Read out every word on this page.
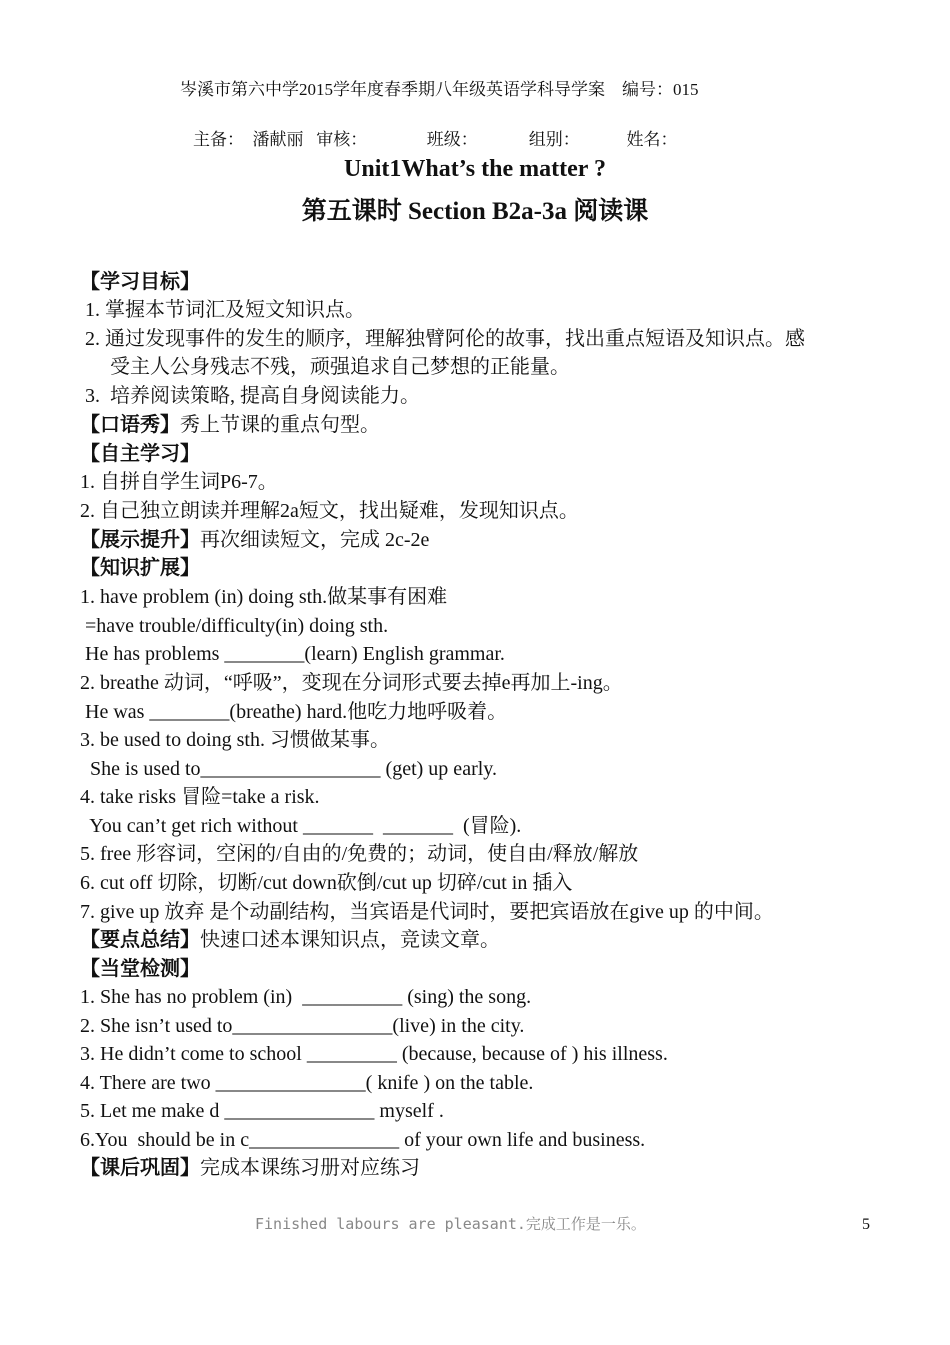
岑溪市第六中学2015学年度春季期八年级英语学科导学案    编号：015
主备：  潘献丽   审核：              班级：            组别：           姓名：
Unit1What’s the matter ?
第五课时 Section B2a-3a 阅读课
【学习目标】
1. 掌握本节词汇及短文知识点。
2. 通过发现事件的发生的顺序，理解独臂阿伦的故事，找出重点短语及知识点。感
受主人公身残志不残，顽强追求自己梦想的正能量。
3.  培养阅读策略, 提高自身阅读能力。
【口语秀】秀上节课的重点句型。
【自主学习】
1. 自拼自学生词P6-7。
2. 自己独立朗读并理解2a短文，找出疑难，发现知识点。
【展示提升】再次细读短文，完成 2c-2e
【知识扩展】
1. have problem (in) doing sth.做某事有困难
=have trouble/difficulty(in) doing sth.
He has problems ________(learn) English grammar.
2. breathe 动词，“呼吸”，变现在分词形式要去掉e再加上-ing。
He was ________(breathe) hard.他吃力地呼吸着。
3. be used to doing sth. 习惯做某事。
She is used to__________________ (get) up early.
4. take risks 冒险=take a risk.
You can’t get rich without _______  _______  (冒险).
5. free 形容词，空闲的/自由的/免费的；动词，使自由/释放/解放
6. cut off 切除，切断/cut down砍倒/cut up 切碎/cut in 插入
7. give up 放弃 是个动副结构，当宾语是代词时，要把宾语放在give up 的中间。
【要点总结】快速口述本课知识点，竞读文章。
【当堂检测】
1. She has no problem (in)  __________ (sing) the song.
2. She isn’t used to________________(live) in the city.
3. He didn’t come to school _________ (because, because of ) his illness.
4. There are two _______________( knife ) on the table.
5. Let me make d _______________ myself .
6.You  should be in c_______________ of your own life and business.
【课后巩固】完成本课练习册对应练习
Finished labours are pleasant.完成工作是一乐。	5
